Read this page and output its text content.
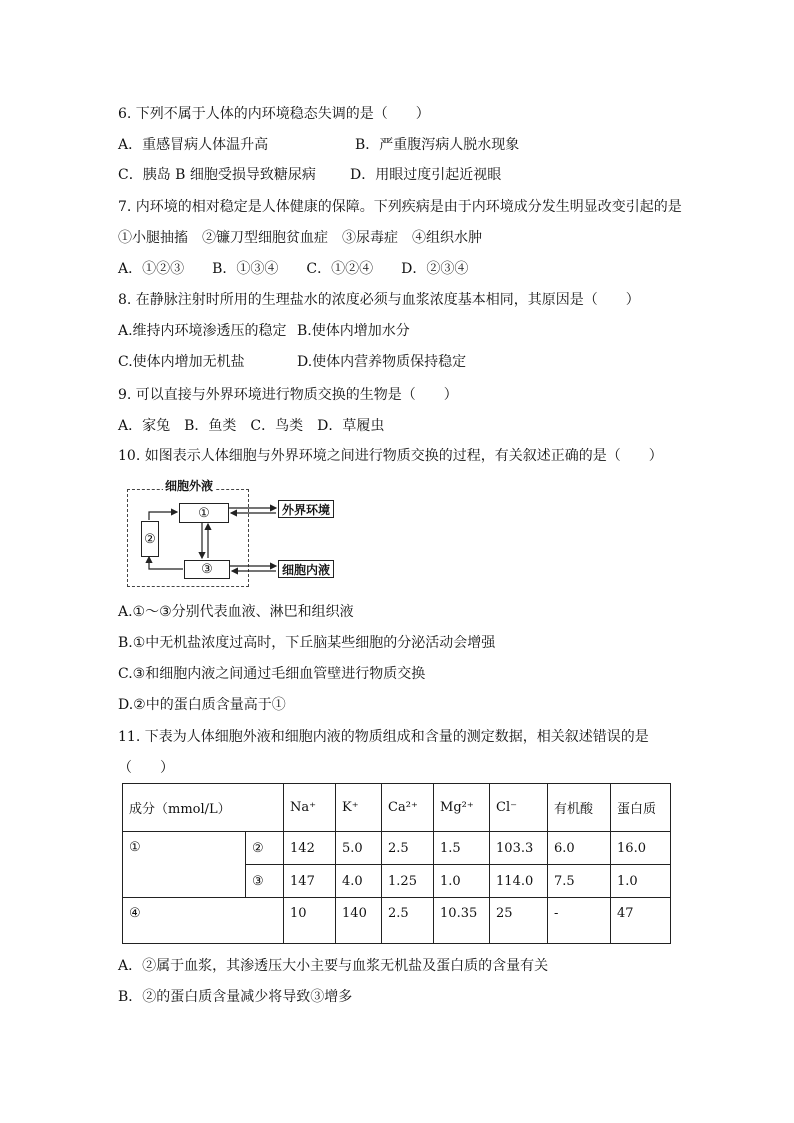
6. 下列不属于人体的内环境稳态失调的是（　　）
A．重感冒病人体温升高	B．严重腹泻病人脱水现象
C．胰岛 B 细胞受损导致糖尿病 D．用眼过度引起近视眼
7. 内环境的相对稳定是人体健康的保障。下列疾病是由于内环境成分发生明显改变引起的是
①小腿抽搐　②镰刀型细胞贫血症　③尿毒症　④组织水肿
A．①②③　　B．①③④　　C．①②④　　D．②③④
8. 在静脉注射时所用的生理盐水的浓度必须与血浆浓度基本相同，其原因是（　　）
A.维持内环境渗透压的稳定 B.使体内增加水分
C.使体内增加无机盐	D.使体内营养物质保持稳定
9. 可以直接与外界环境进行物质交换的生物是（　　）
A．家兔　B．鱼类　C．鸟类　D．草履虫
10. 如图表示人体细胞与外界环境之间进行物质交换的过程，有关叙述正确的是（　　）
细胞外液
①
②
③
外界环境
细胞内液
A.①～③分别代表血液、淋巴和组织液
B.①中无机盐浓度过高时，下丘脑某些细胞的分泌活动会增强
C.③和细胞内液之间通过毛细血管壁进行物质交换
D.②中的蛋白质含量高于①
11. 下表为人体细胞外液和细胞内液的物质组成和含量的测定数据，相关叙述错误的是
（　　）
成分（mmol/L）		Na⁺	K⁺	Ca²⁺	Mg²⁺	Cl⁻	有机酸	蛋白质
①	②	142	5.0	2.5	1.5	103.3	6.0	16.0
	③	147	4.0	1.25	1.0	114.0	7.5	1.0
④		10	140	2.5	10.35	25	-	47
A．②属于血浆，其渗透压大小主要与血浆无机盐及蛋白质的含量有关
B．②的蛋白质含量减少将导致③增多
